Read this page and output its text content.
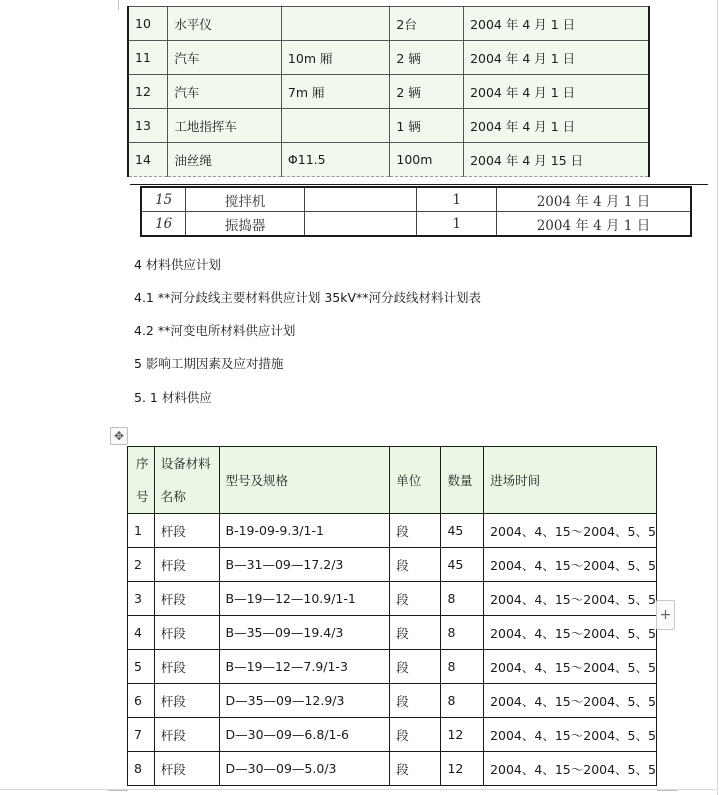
10	水平仪		2台	2004 年 4 月 1 日
11	汽车	10m 厢	2 辆	2004 年 4 月 1 日
12	汽车	7m 厢	2 辆	2004 年 4 月 1 日
13	工地指挥车		1 辆	2004 年 4 月 1 日
14	油丝绳	Φ11.5	100m	2004 年 4 月 15 日
15	搅拌机		1	2004 年 4 月 1 日
16	振捣器		1	2004 年 4 月 1 日
4 材料供应计划
4.1 **河分歧线主要材料供应计划 35kV**河分歧线材料计划表
4.2 **河变电所材料供应计划
5 影响工期因素及应对措施
5. 1 材料供应
✥
序
号	设备材料
名称	型号及规格	单位	数量	进场时间
1	杆段	B-19-09-9.3/1-1	段	45	2004、4、15～2004、5、5
2	杆段	B—31—09—17.2/3	段	45	2004、4、15～2004、5、5
3	杆段	B—19—12—10.9/1-1	段	8	2004、4、15～2004、5、5
4	杆段	B—35—09—19.4/3	段	8	2004、4、15～2004、5、5
5	杆段	B—19—12—7.9/1-3	段	8	2004、4、15～2004、5、5
6	杆段	D—35—09—12.9/3	段	8	2004、4、15～2004、5、5
7	杆段	D—30—09—6.8/1-6	段	12	2004、4、15～2004、5、5
8	杆段	D—30—09—5.0/3	段	12	2004、4、15～2004、5、5
+
